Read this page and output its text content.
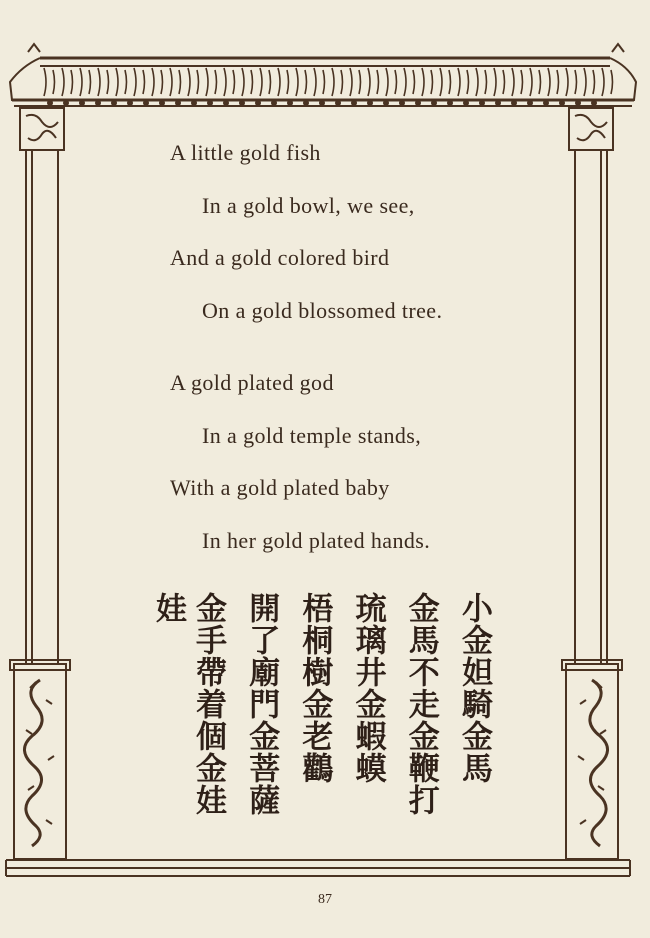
A little gold fish
In a gold bowl, we see,
And a gold colored bird
On a gold blossomed tree.
A gold plated god
In a gold temple stands,
With a gold plated baby
In her gold plated hands.
小金妲騎金馬
金馬不走金鞭打
琉璃井金蝦蟆
梧桐樹金老鸛
開了廟門金菩薩
金手帶着個金娃娃
87
